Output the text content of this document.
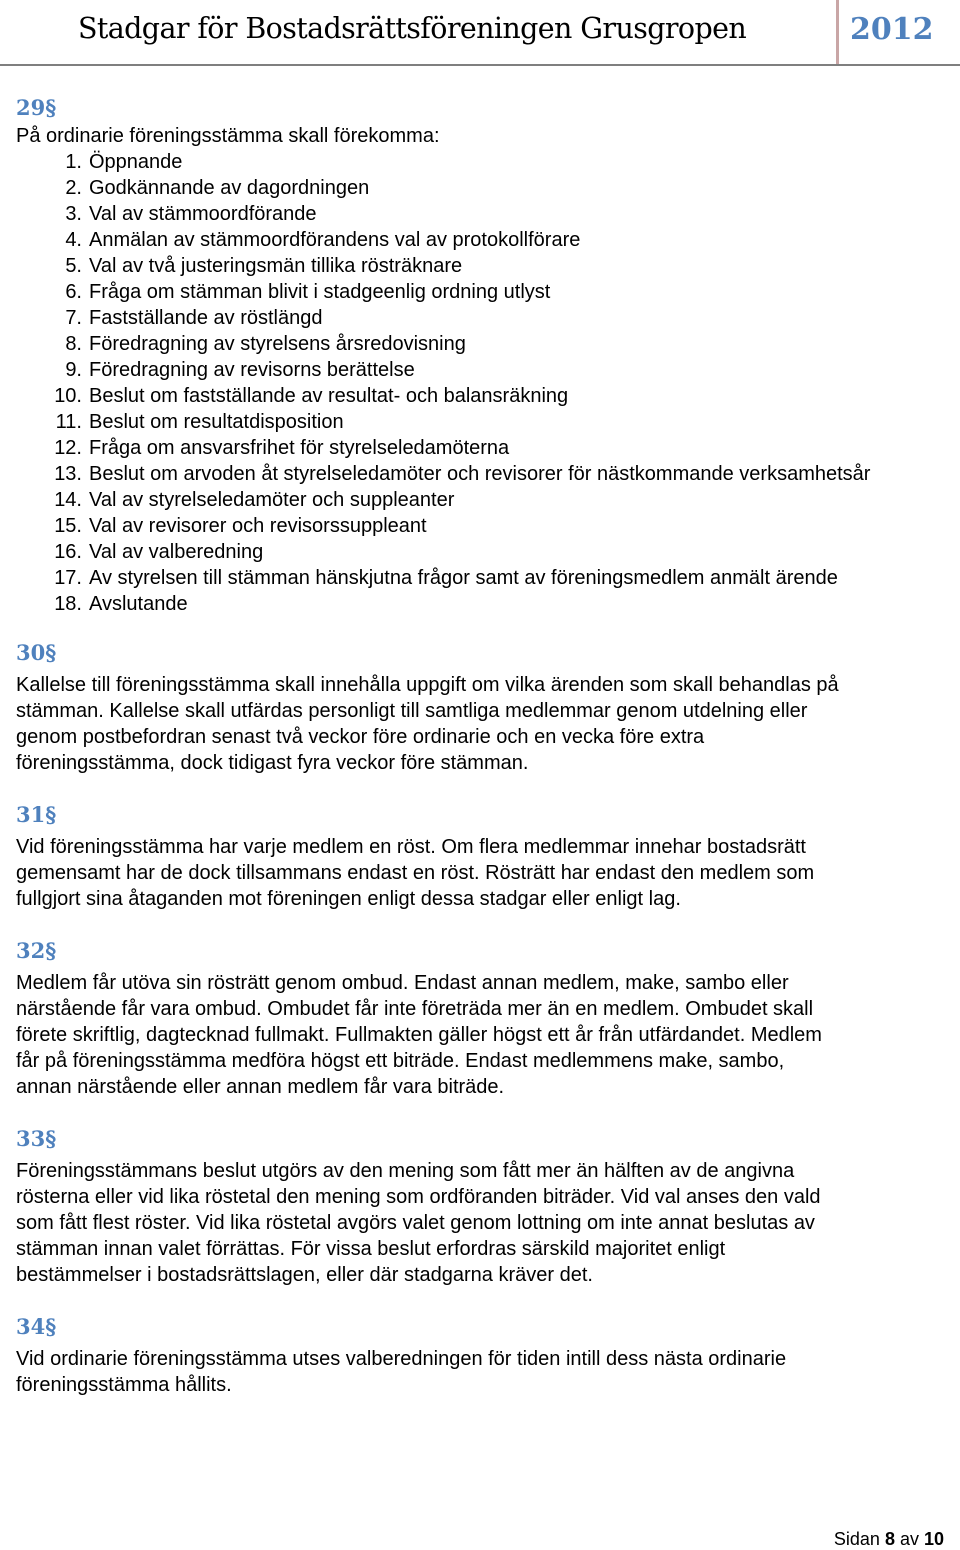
Stadgar för Bostadsrättsföreningen Grusgropen	2012
29§
På ordinarie föreningsstämma skall förekomma:
1. Öppnande
2. Godkännande av dagordningen
3. Val av stämmoordförande
4. Anmälan av stämmoordförandens val av protokollförare
5. Val av två justeringsmän tillika rösträknare
6. Fråga om stämman blivit i stadgeenlig ordning utlyst
7. Fastställande av röstlängd
8. Föredragning av styrelsens årsredovisning
9. Föredragning av revisorns berättelse
10. Beslut om fastställande av resultat- och balansräkning
11. Beslut om resultatdisposition
12. Fråga om ansvarsfrihet för styrelseledamöterna
13. Beslut om arvoden åt styrelseledamöter och revisorer för nästkommande verksamhetsår
14. Val av styrelseledamöter och suppleanter
15. Val av revisorer och revisorssuppleant
16. Val av valberedning
17. Av styrelsen till stämman hänskjutna frågor samt av föreningsmedlem anmält ärende
18. Avslutande
30§
Kallelse till föreningsstämma skall innehålla uppgift om vilka ärenden som skall behandlas på
stämman. Kallelse skall utfärdas personligt till samtliga medlemmar genom utdelning eller
genom postbefordran senast två veckor före ordinarie och en vecka före extra
föreningsstämma, dock tidigast fyra veckor före stämman.
31§
Vid föreningsstämma har varje medlem en röst. Om flera medlemmar innehar bostadsrätt
gemensamt har de dock tillsammans endast en röst. Rösträtt har endast den medlem som
fullgjort sina åtaganden mot föreningen enligt dessa stadgar eller enligt lag.
32§
Medlem får utöva sin rösträtt genom ombud. Endast annan medlem, make, sambo eller
närstående får vara ombud. Ombudet får inte företräda mer än en medlem. Ombudet skall
förete skriftlig, dagtecknad fullmakt. Fullmakten gäller högst ett år från utfärdandet. Medlem
får på föreningsstämma medföra högst ett biträde. Endast medlemmens make, sambo,
annan närstående eller annan medlem får vara biträde.
33§
Föreningsstämmans beslut utgörs av den mening som fått mer än hälften av de angivna
rösterna eller vid lika röstetal den mening som ordföranden biträder. Vid val anses den vald
som fått flest röster. Vid lika röstetal avgörs valet genom lottning om inte annat beslutas av
stämman innan valet förrättas. För vissa beslut erfordras särskild majoritet enligt
bestämmelser i bostadsrättslagen, eller där stadgarna kräver det.
34§
Vid ordinarie föreningsstämma utses valberedningen för tiden intill dess nästa ordinarie
föreningsstämma hållits.
Sidan 8 av 10
